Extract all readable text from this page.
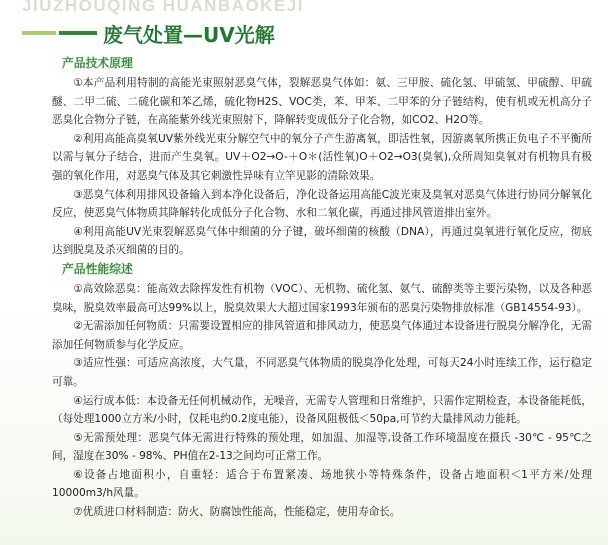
JIUZHOUQING HUANBAOKEJI
废气处置—UV光解
产品技术原理

①本产品利用特制的高能光束照射恶臭气体，裂解恶臭气体如：氨、三甲胺、硫化氢、甲硫氢、甲硫醇、甲硫醚、二甲二硫、二硫化碳和苯乙烯，硫化物H2S、VOC类，苯、甲苯、二甲苯的分子链结构，使有机或无机高分子恶臭化合物分子链，在高能紫外线光束照射下，降解转变成低分子化合物，如CO2、H2O等。

②利用高能高臭氧UV紫外线光束分解空气中的氧分子产生游离氧，即活性氧，因游离氧所携正负电子不平衡所以需与氧分子结合，进而产生臭氧。UV＋O2→O-＋O＊(活性氧)O＋O2→O3(臭氧),众所周知臭氧对有机物具有极强的氧化作用，对恶臭气体及其它刺激性异味有立竿见影的清除效果。

③恶臭气体利用排风设备输入到本净化设备后，净化设备运用高能C波光束及臭氧对恶臭气体进行协同分解氧化反应，使恶臭气体物质其降解转化成低分子化合物、水和二氧化碳，再通过排风管道排出室外。

④利用高能UV光束裂解恶臭气体中细菌的分子键，破坏细菌的核酸（DNA），再通过臭氧进行氧化反应，彻底达到脱臭及杀灭细菌的目的。

产品性能综述

①高效除恶臭：能高效去除挥发性有机物（VOC）、无机物、硫化氢、氨气、硫醇类等主要污染物，以及各种恶臭味，脱臭效率最高可达99%以上，脱臭效果大大超过国家1993年颁布的恶臭污染物排放标准（GB14554-93）。

②无需添加任何物质：只需要设置相应的排风管道和排风动力，使恶臭气体通过本设备进行脱臭分解净化，无需添加任何物质参与化学反应。

③适应性强：可适应高浓度，大气量，不同恶臭气体物质的脱臭净化处理，可每天24小时连续工作，运行稳定可靠。

④运行成本低：本设备无任何机械动作，无噪音，无需专人管理和日常维护，只需作定期检查，本设备能耗低，（每处理1000立方米/小时，仅耗电约0.2度电能），设备风阻极低＜50pa,可节约大量排风动力能耗。

⑤无需预处理：恶臭气体无需进行特殊的预处理，如加温、加湿等,设备工作环境温度在摄氏 -30℃ - 95℃之间，湿度在30% - 98%、PH值在2-13之间均可正常工作。

⑥设备占地面积小，自重轻：适合于布置紧凑、场地狭小等特殊条件，设备占地面积＜1平方米/处理10000m3/h风量。

⑦优质进口材料制造：防火、防腐蚀性能高，性能稳定，使用寿命长。
